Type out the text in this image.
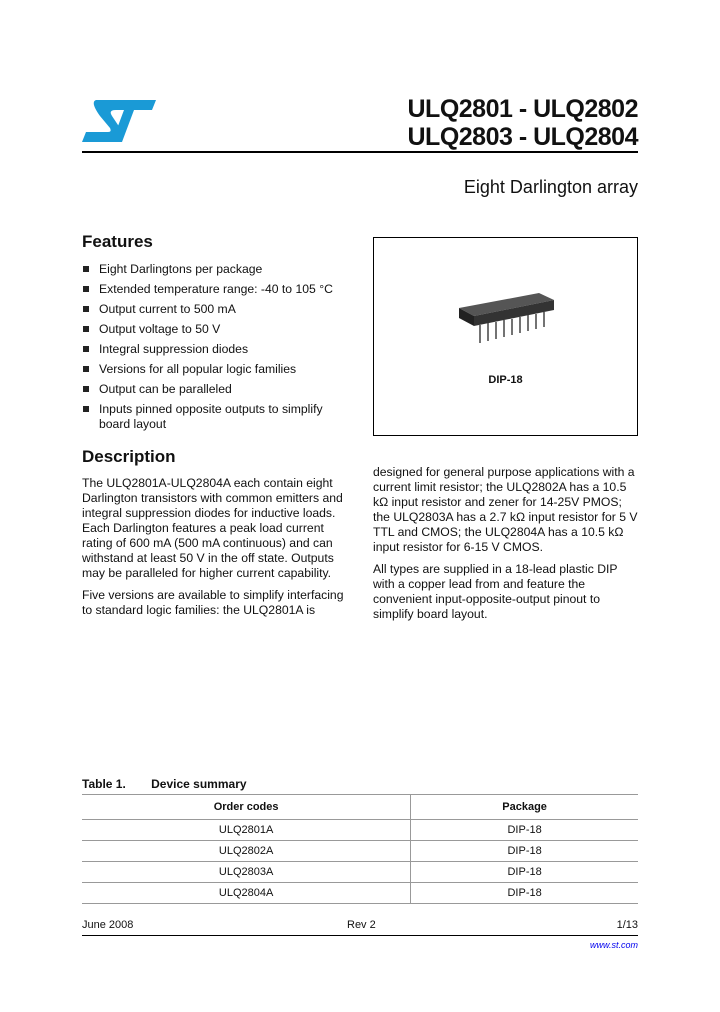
ULQ2801 - ULQ2802
ULQ2803 - ULQ2804
Eight Darlington array
Features
Eight Darlingtons per package
Extended temperature range: -40 to 105 °C
Output current to 500 mA
Output voltage to 50 V
Integral suppression diodes
Versions for all popular logic families
Output can be paralleled
Inputs pinned opposite outputs to simplify board layout
DIP-18
Description

The ULQ2801A-ULQ2804A each contain eight Darlington transistors with common emitters and integral suppression diodes for inductive loads. Each Darlington features a peak load current rating of 600 mA (500 mA continuous) and can withstand at least 50 V in the off state. Outputs may be paralleled for higher current capability.

Five versions are available to simplify interfacing to standard logic families: the ULQ2801A is

designed for general purpose applications with a current limit resistor; the ULQ2802A has a 10.5 kΩ input resistor and zener for 14-25V PMOS; the ULQ2803A has a 2.7 kΩ input resistor for 5 V TTL and CMOS; the ULQ2804A has a 10.5 kΩ input resistor for 6-15 V CMOS.

All types are supplied in a 18-lead plastic DIP with a copper lead from and feature the convenient input-opposite-output pinout to simplify board layout.

Table 1. Device summary
Order codes	Package
ULQ2801A	DIP-18
ULQ2802A	DIP-18
ULQ2803A	DIP-18
ULQ2804A	DIP-18
June 2008	Rev 2	1/13
www.st.com
